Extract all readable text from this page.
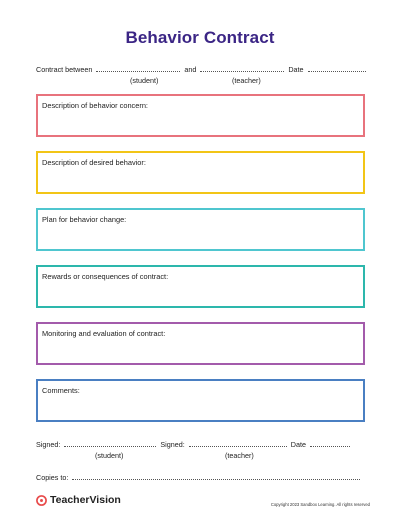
Behavior Contract
Contract between	and	Date
(student)	(teacher)
Description of behavior concern:
Description of desired behavior:
Plan for behavior change:
Rewards or consequences of contract:
Monitoring and evaluation of contract:
Comments:
Signed:	Signed:	Date
(student)	(teacher)
Copies to:
TeacherVision	Copyright 2023 Sandbox Learning. All rights reserved
